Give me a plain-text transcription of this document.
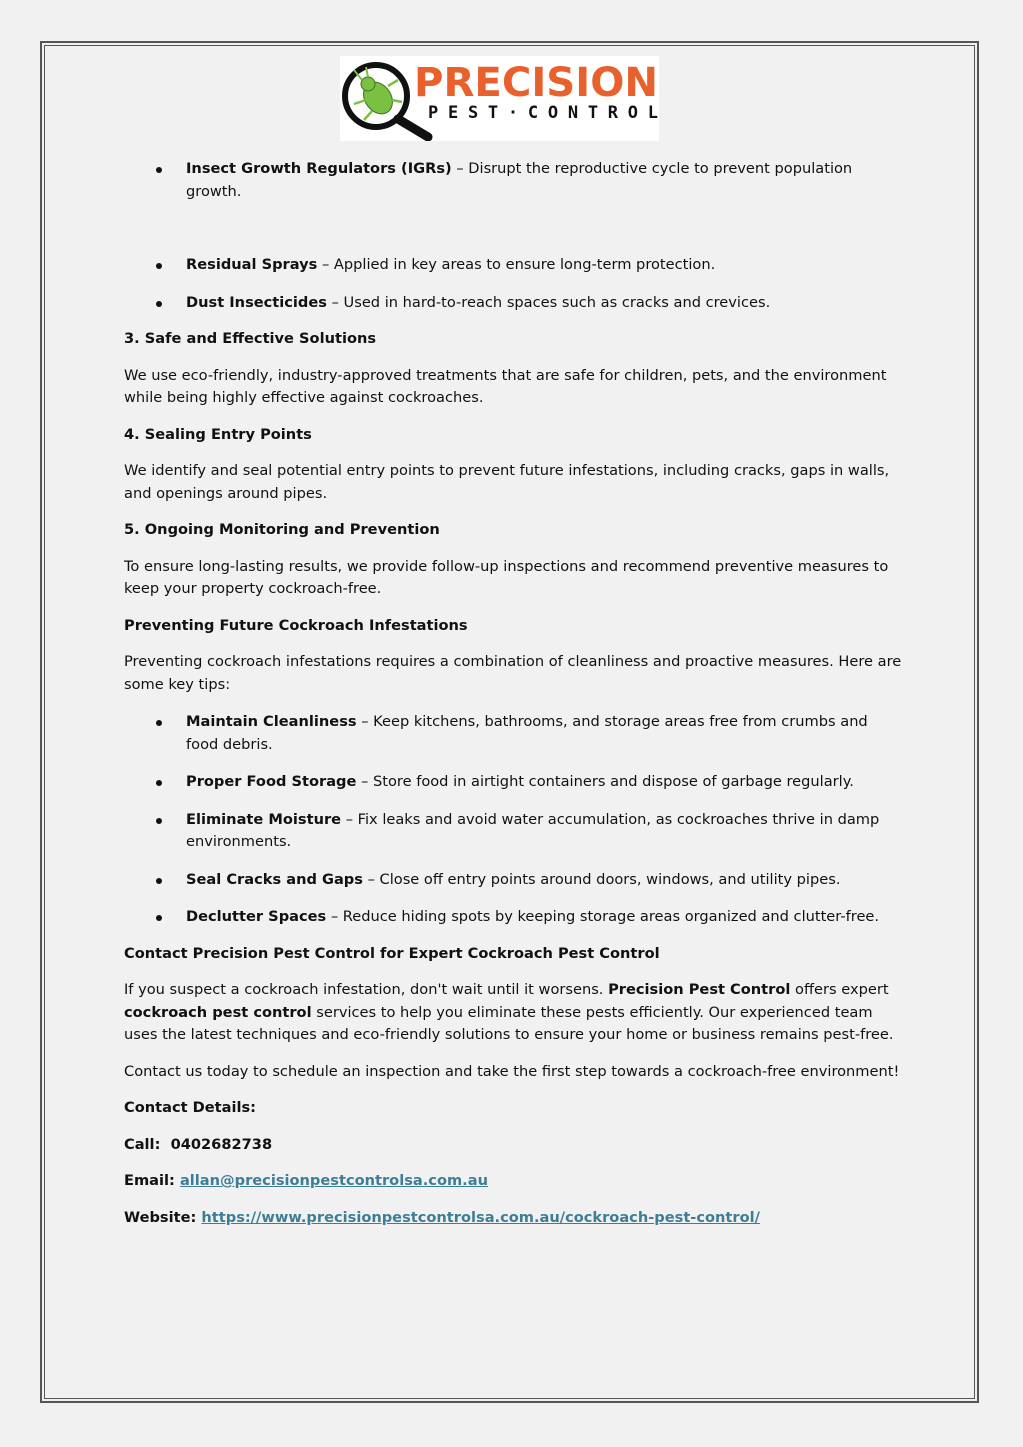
PRECISION
PEST·CONTROL
Insect Growth Regulators (IGRs) – Disrupt the reproductive cycle to prevent population growth.
Residual Sprays – Applied in key areas to ensure long-term protection.
Dust Insecticides – Used in hard-to-reach spaces such as cracks and crevices.
3. Safe and Effective Solutions

We use eco-friendly, industry-approved treatments that are safe for children, pets, and the environment while being highly effective against cockroaches.

4. Sealing Entry Points

We identify and seal potential entry points to prevent future infestations, including cracks, gaps in walls, and openings around pipes.

5. Ongoing Monitoring and Prevention

To ensure long-lasting results, we provide follow-up inspections and recommend preventive measures to keep your property cockroach-free.

Preventing Future Cockroach Infestations

Preventing cockroach infestations requires a combination of cleanliness and proactive measures. Here are some key tips:

Maintain Cleanliness – Keep kitchens, bathrooms, and storage areas free from crumbs and food debris.
Proper Food Storage – Store food in airtight containers and dispose of garbage regularly.
Eliminate Moisture – Fix leaks and avoid water accumulation, as cockroaches thrive in damp environments.
Seal Cracks and Gaps – Close off entry points around doors, windows, and utility pipes.
Declutter Spaces – Reduce hiding spots by keeping storage areas organized and clutter-free.
Contact Precision Pest Control for Expert Cockroach Pest Control

If you suspect a cockroach infestation, don't wait until it worsens. Precision Pest Control offers expert cockroach pest control services to help you eliminate these pests efficiently. Our experienced team uses the latest techniques and eco-friendly solutions to ensure your home or business remains pest-free.

Contact us today to schedule an inspection and take the first step towards a cockroach-free environment!

Contact Details:

Call:  0402682738

Email: allan@precisionpestcontrolsa.com.au

Website: https://www.precisionpestcontrolsa.com.au/cockroach-pest-control/
